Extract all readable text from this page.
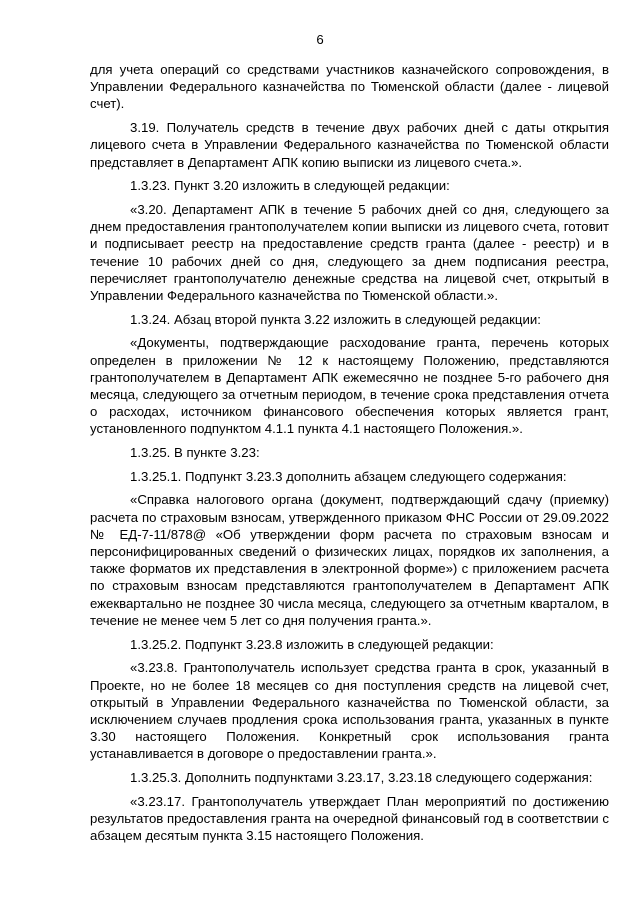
6

для учета операций со средствами участников казначейского сопровождения, в Управлении Федерального казначейства по Тюменской области (далее - лицевой счет).

3.19. Получатель средств в течение двух рабочих дней с даты открытия лицевого счета в Управлении Федерального казначейства по Тюменской области представляет в Департамент АПК копию выписки из лицевого счета.».

1.3.23. Пункт 3.20 изложить в следующей редакции:

«3.20. Департамент АПК в течение 5 рабочих дней со дня, следующего за днем предоставления грантополучателем копии выписки из лицевого счета, готовит и подписывает реестр на предоставление средств гранта (далее - реестр) и в течение 10 рабочих дней со дня, следующего за днем подписания реестра, перечисляет грантополучателю денежные средства на лицевой счет, открытый в Управлении Федерального казначейства по Тюменской области.».

1.3.24. Абзац второй пункта 3.22 изложить в следующей редакции:

«Документы, подтверждающие расходование гранта, перечень которых определен в приложении № 12 к настоящему Положению, представляются грантополучателем в Департамент АПК ежемесячно не позднее 5-го рабочего дня месяца, следующего за отчетным периодом, в течение срока представления отчета о расходах, источником финансового обеспечения которых является грант, установленного подпунктом 4.1.1 пункта 4.1 настоящего Положения.».

1.3.25. В пункте 3.23:

1.3.25.1. Подпункт 3.23.3 дополнить абзацем следующего содержания:

«Справка налогового органа (документ, подтверждающий сдачу (приемку) расчета по страховым взносам, утвержденного приказом ФНС России от 29.09.2022 № ЕД-7-11/878@ «Об утверждении форм расчета по страховым взносам и персонифицированных сведений о физических лицах, порядков их заполнения, а также форматов их представления в электронной форме») с приложением расчета по страховым взносам представляются грантополучателем в Департамент АПК ежеквартально не позднее 30 числа месяца, следующего за отчетным кварталом, в течение не менее чем 5 лет со дня получения гранта.».

1.3.25.2. Подпункт 3.23.8 изложить в следующей редакции:

«3.23.8. Грантополучатель использует средства гранта в срок, указанный в Проекте, но не более 18 месяцев со дня поступления средств на лицевой счет, открытый в Управлении Федерального казначейства по Тюменской области, за исключением случаев продления срока использования гранта, указанных в пункте 3.30 настоящего Положения. Конкретный срок использования гранта устанавливается в договоре о предоставлении гранта.».

1.3.25.3. Дополнить подпунктами 3.23.17, 3.23.18 следующего содержания:

«3.23.17. Грантополучатель утверждает План мероприятий по достижению результатов предоставления гранта на очередной финансовый год в соответствии с абзацем десятым пункта 3.15 настоящего Положения.
